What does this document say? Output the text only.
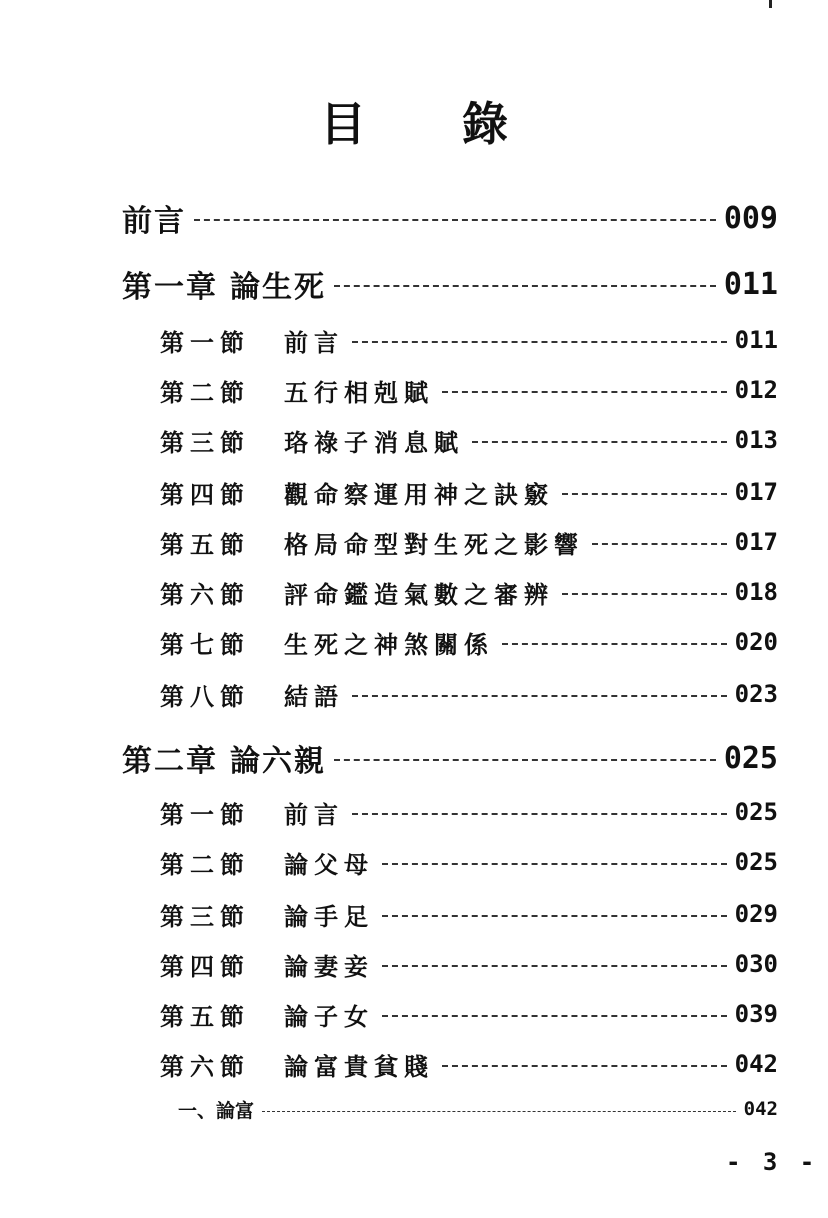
目 錄
前言	009
第一章 論生死	011
第一節	前言	011
第二節	五行相剋賦	012
第三節	珞祿子消息賦	013
第四節	觀命察運用神之訣竅	017
第五節	格局命型對生死之影響	017
第六節	評命鑑造氣數之審辨	018
第七節	生死之神煞關係	020
第八節	結語	023
第二章 論六親	025
第一節	前言	025
第二節	論父母	025
第三節	論手足	029
第四節	論妻妾	030
第五節	論子女	039
第六節	論富貴貧賤	042
一、論富	042
- 3 -
